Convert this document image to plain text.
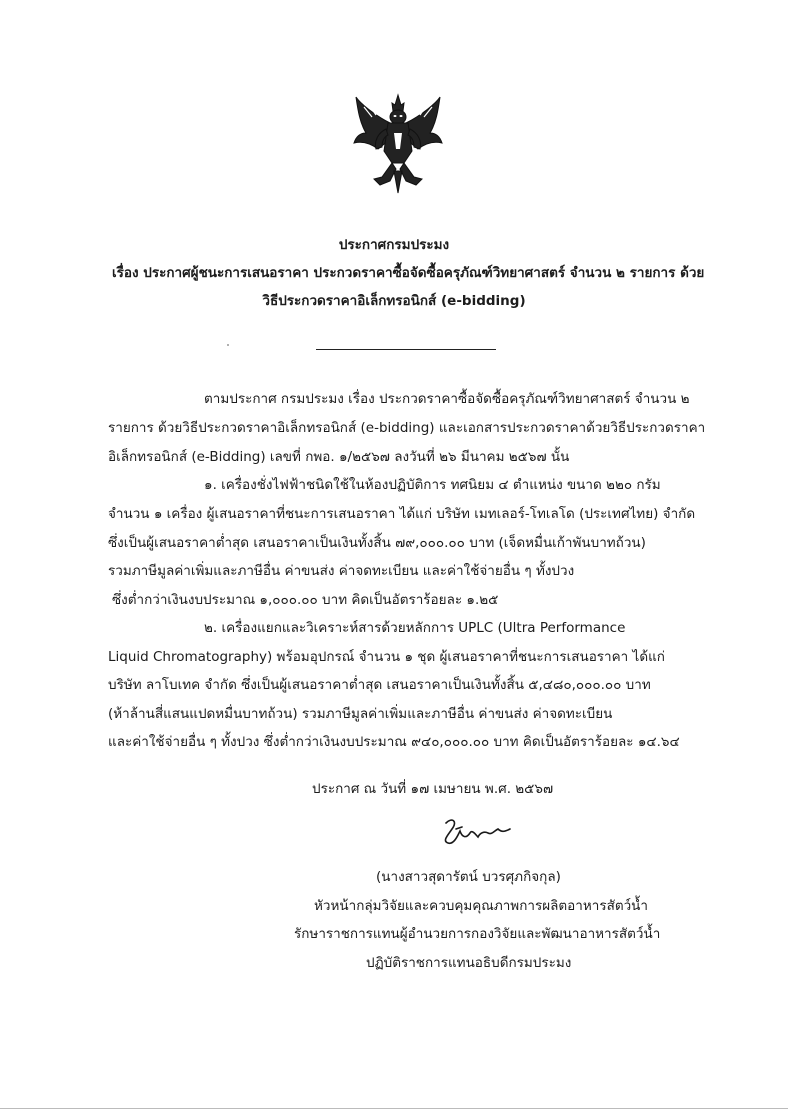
ประกาศกรมประมง
เรื่อง ประกาศผู้ชนะการเสนอราคา ประกวดราคาซื้อจัดซื้อครุภัณฑ์วิทยาศาสตร์ จำนวน ๒ รายการ ด้วย
วิธีประกวดราคาอิเล็กทรอนิกส์ (e-bidding)
ตามประกาศ กรมประมง เรื่อง ประกวดราคาซื้อจัดซื้อครุภัณฑ์วิทยาศาสตร์ จำนวน ๒
รายการ ด้วยวิธีประกวดราคาอิเล็กทรอนิกส์ (e-bidding) และเอกสารประกวดราคาด้วยวิธีประกวดราคา
อิเล็กทรอนิกส์ (e-Bidding) เลขที่ กพอ. ๑/๒๕๖๗ ลงวันที่ ๒๖ มีนาคม ๒๕๖๗ นั้น
๑. เครื่องชั่งไฟฟ้าชนิดใช้ในห้องปฏิบัติการ ทศนิยม ๔ ตำแหน่ง ขนาด ๒๒๐ กรัม
จำนวน ๑ เครื่อง ผู้เสนอราคาที่ชนะการเสนอราคา ได้แก่ บริษัท เมทเลอร์-โทเลโด (ประเทศไทย) จำกัด
ซึ่งเป็นผู้เสนอราคาต่ำสุด เสนอราคาเป็นเงินทั้งสิ้น ๗๙,๐๐๐.๐๐ บาท (เจ็ดหมื่นเก้าพันบาทถ้วน)
รวมภาษีมูลค่าเพิ่มและภาษีอื่น ค่าขนส่ง ค่าจดทะเบียน และค่าใช้จ่ายอื่น ๆ ทั้งปวง
ซึ่งต่ำกว่าเงินงบประมาณ ๑,๐๐๐.๐๐ บาท คิดเป็นอัตราร้อยละ ๑.๒๕
๒. เครื่องแยกและวิเคราะห์สารด้วยหลักการ UPLC (Ultra Performance
Liquid Chromatography) พร้อมอุปกรณ์ จำนวน ๑ ชุด ผู้เสนอราคาที่ชนะการเสนอราคา ได้แก่
บริษัท ลาโบเทค จำกัด ซึ่งเป็นผู้เสนอราคาต่ำสุด เสนอราคาเป็นเงินทั้งสิ้น ๕,๔๘๐,๐๐๐.๐๐ บาท
(ห้าล้านสี่แสนแปดหมื่นบาทถ้วน) รวมภาษีมูลค่าเพิ่มและภาษีอื่น ค่าขนส่ง ค่าจดทะเบียน
และค่าใช้จ่ายอื่น ๆ ทั้งปวง ซึ่งต่ำกว่าเงินงบประมาณ ๙๔๐,๐๐๐.๐๐ บาท คิดเป็นอัตราร้อยละ ๑๔.๖๔
ประกาศ ณ วันที่ ๑๗ เมษายน พ.ศ. ๒๕๖๗
(นางสาวสุดารัตน์ บวรศุภกิจกุล)
หัวหน้ากลุ่มวิจัยและควบคุมคุณภาพการผลิตอาหารสัตว์น้ำ
รักษาราชการแทนผู้อำนวยการกองวิจัยและพัฒนาอาหารสัตว์น้ำ
ปฏิบัติราชการแทนอธิบดีกรมประมง
